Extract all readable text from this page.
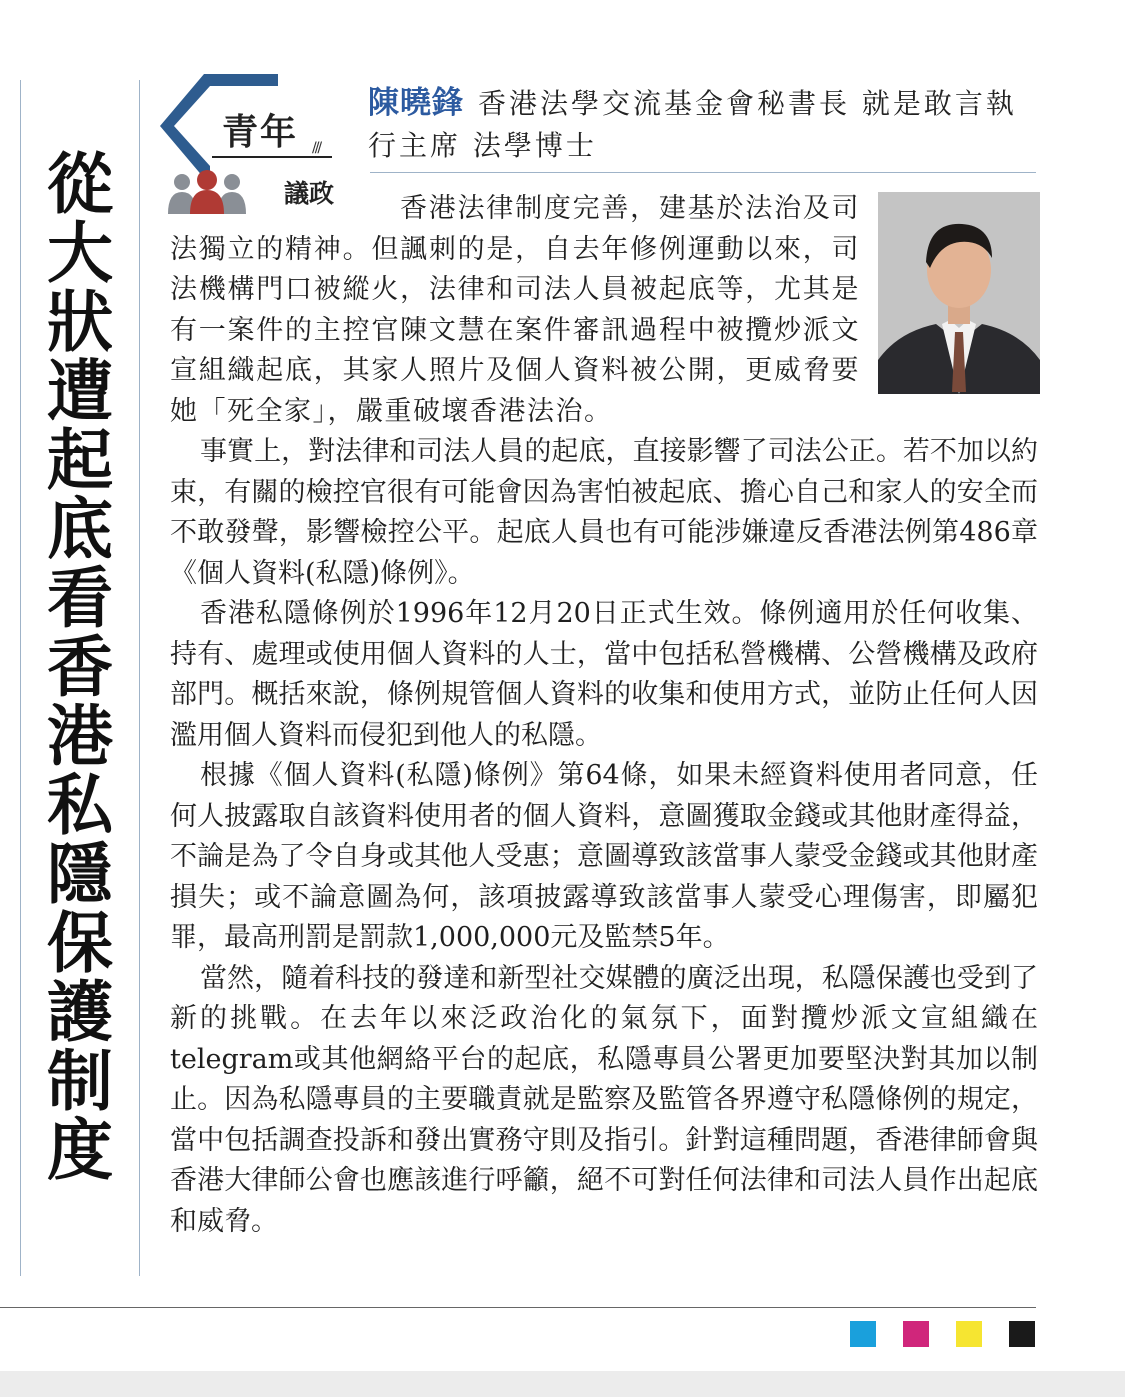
從大狀遭起底看香港私隱保護制度
青年 ///
議政
陳曉鋒 香港法學交流基金會秘書長 就是敢言執行主席 法學博士

香港法律制度完善，建基於法治及司法獨立的精神。但諷刺的是，自去年修例運動以來，司法機構門口被縱火，法律和司法人員被起底等，尤其是有一案件的主控官陳文慧在案件審訊過程中被攬炒派文宣組織起底，其家人照片及個人資料被公開，更威脅要她「死全家」，嚴重破壞香港法治。

事實上，對法律和司法人員的起底，直接影響了司法公正。若不加以約束，有關的檢控官很有可能會因為害怕被起底、擔心自己和家人的安全而不敢發聲，影響檢控公平。起底人員也有可能涉嫌違反香港法例第486章《個人資料(私隱)條例》。

香港私隱條例於1996年12月20日正式生效。條例適用於任何收集、持有、處理或使用個人資料的人士，當中包括私營機構、公營機構及政府部門。概括來說，條例規管個人資料的收集和使用方式，並防止任何人因濫用個人資料而侵犯到他人的私隱。

根據《個人資料(私隱)條例》第64條，如果未經資料使用者同意，任何人披露取自該資料使用者的個人資料，意圖獲取金錢或其他財產得益，不論是為了令自身或其他人受惠；意圖導致該當事人蒙受金錢或其他財產損失；或不論意圖為何，該項披露導致該當事人蒙受心理傷害，即屬犯罪，最高刑罰是罰款1,000,000元及監禁5年。

當然，隨着科技的發達和新型社交媒體的廣泛出現，私隱保護也受到了新的挑戰。在去年以來泛政治化的氣氛下，面對攬炒派文宣組織在telegram或其他網絡平台的起底，私隱專員公署更加要堅決對其加以制止。因為私隱專員的主要職責就是監察及監管各界遵守私隱條例的規定，當中包括調查投訴和發出實務守則及指引。針對這種問題，香港律師會與香港大律師公會也應該進行呼籲，絕不可對任何法律和司法人員作出起底和威脅。
